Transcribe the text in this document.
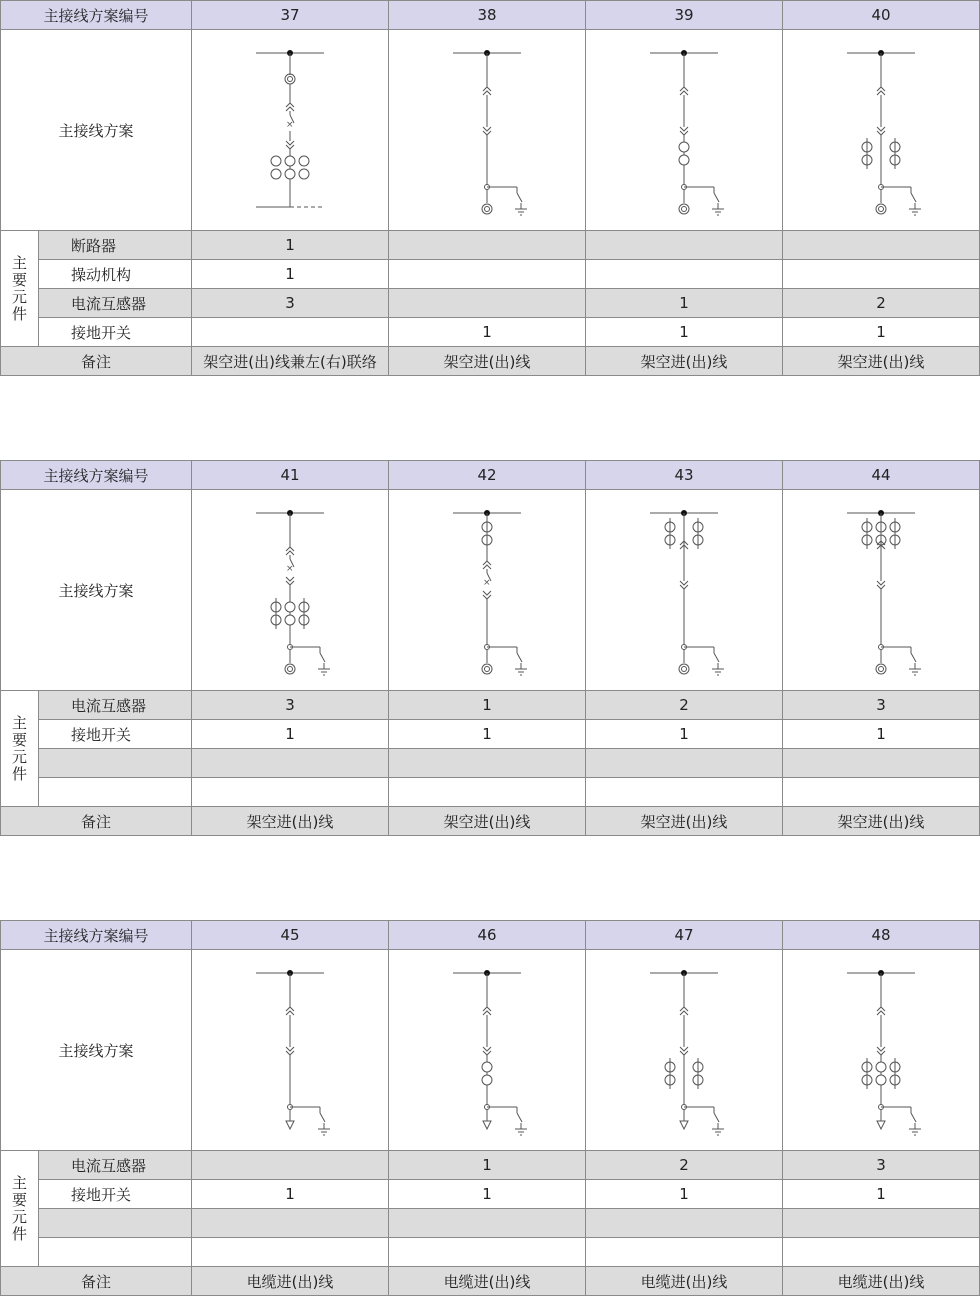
主接线方案编号		37	38	39	40
主接线方案		×

主
要
元
件	断路器	1			
	操动机构	1			
	电流互感器	3		1	2
	接地开关		1	1	1
备注		架空进(出)线兼左(右)联络	架空进(出)线	架空进(出)线	架空进(出)线
主接线方案编号		41	42	43	44
主接线方案		×	×

主
要
元
件	电流互感器	3	1	2	3
	接地开关	1	1	1	1

备注		架空进(出)线	架空进(出)线	架空进(出)线	架空进(出)线
主接线方案编号		45	46	47	48
主接线方案	

主
要
元
件	电流互感器		1	2	3
	接地开关	1	1	1	1

备注		电缆进(出)线	电缆进(出)线	电缆进(出)线	电缆进(出)线
